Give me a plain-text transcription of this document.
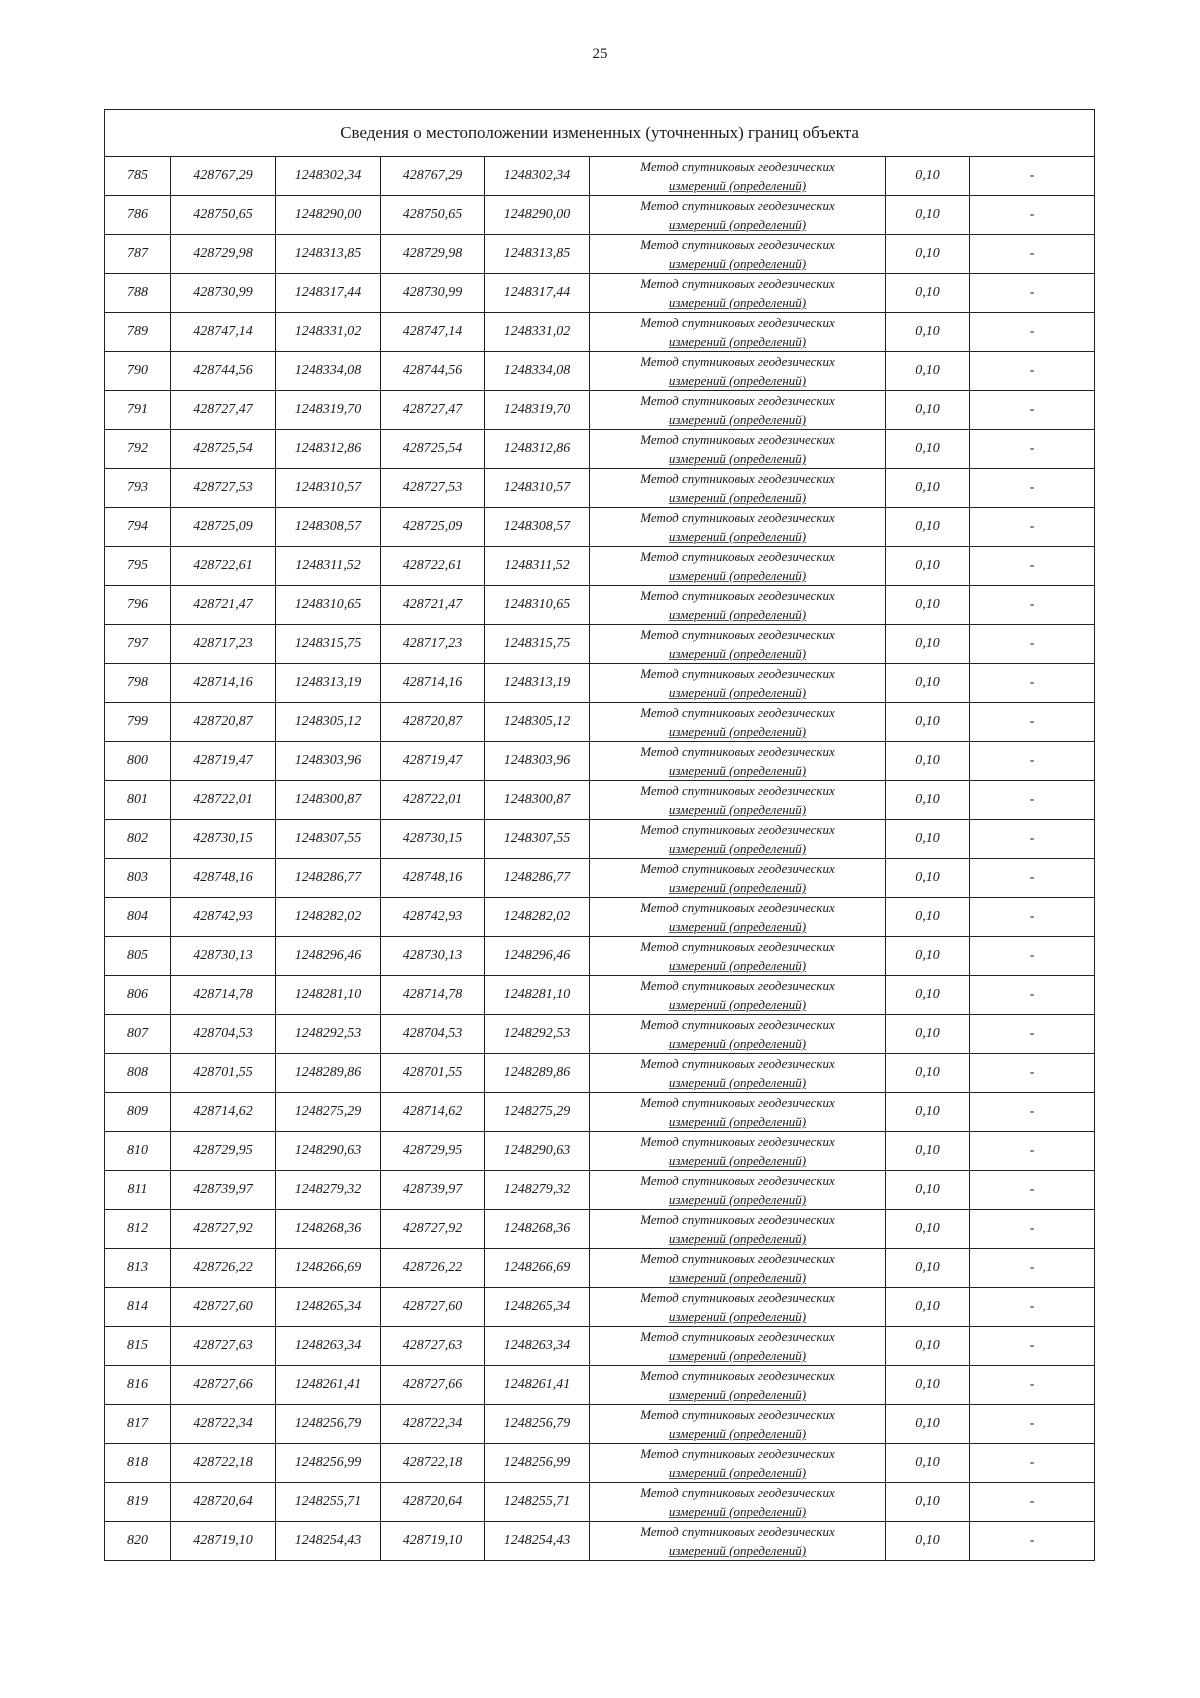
25
Сведения о местоположении измененных (уточненных) границ объекта							
785	428767,29	1248302,34	428767,29	1248302,34	Метод спутниковых геодезических
измерений (определений)	0,10	-
786	428750,65	1248290,00	428750,65	1248290,00	Метод спутниковых геодезических
измерений (определений)	0,10	-
787	428729,98	1248313,85	428729,98	1248313,85	Метод спутниковых геодезических
измерений (определений)	0,10	-
788	428730,99	1248317,44	428730,99	1248317,44	Метод спутниковых геодезических
измерений (определений)	0,10	-
789	428747,14	1248331,02	428747,14	1248331,02	Метод спутниковых геодезических
измерений (определений)	0,10	-
790	428744,56	1248334,08	428744,56	1248334,08	Метод спутниковых геодезических
измерений (определений)	0,10	-
791	428727,47	1248319,70	428727,47	1248319,70	Метод спутниковых геодезических
измерений (определений)	0,10	-
792	428725,54	1248312,86	428725,54	1248312,86	Метод спутниковых геодезических
измерений (определений)	0,10	-
793	428727,53	1248310,57	428727,53	1248310,57	Метод спутниковых геодезических
измерений (определений)	0,10	-
794	428725,09	1248308,57	428725,09	1248308,57	Метод спутниковых геодезических
измерений (определений)	0,10	-
795	428722,61	1248311,52	428722,61	1248311,52	Метод спутниковых геодезических
измерений (определений)	0,10	-
796	428721,47	1248310,65	428721,47	1248310,65	Метод спутниковых геодезических
измерений (определений)	0,10	-
797	428717,23	1248315,75	428717,23	1248315,75	Метод спутниковых геодезических
измерений (определений)	0,10	-
798	428714,16	1248313,19	428714,16	1248313,19	Метод спутниковых геодезических
измерений (определений)	0,10	-
799	428720,87	1248305,12	428720,87	1248305,12	Метод спутниковых геодезических
измерений (определений)	0,10	-
800	428719,47	1248303,96	428719,47	1248303,96	Метод спутниковых геодезических
измерений (определений)	0,10	-
801	428722,01	1248300,87	428722,01	1248300,87	Метод спутниковых геодезических
измерений (определений)	0,10	-
802	428730,15	1248307,55	428730,15	1248307,55	Метод спутниковых геодезических
измерений (определений)	0,10	-
803	428748,16	1248286,77	428748,16	1248286,77	Метод спутниковых геодезических
измерений (определений)	0,10	-
804	428742,93	1248282,02	428742,93	1248282,02	Метод спутниковых геодезических
измерений (определений)	0,10	-
805	428730,13	1248296,46	428730,13	1248296,46	Метод спутниковых геодезических
измерений (определений)	0,10	-
806	428714,78	1248281,10	428714,78	1248281,10	Метод спутниковых геодезических
измерений (определений)	0,10	-
807	428704,53	1248292,53	428704,53	1248292,53	Метод спутниковых геодезических
измерений (определений)	0,10	-
808	428701,55	1248289,86	428701,55	1248289,86	Метод спутниковых геодезических
измерений (определений)	0,10	-
809	428714,62	1248275,29	428714,62	1248275,29	Метод спутниковых геодезических
измерений (определений)	0,10	-
810	428729,95	1248290,63	428729,95	1248290,63	Метод спутниковых геодезических
измерений (определений)	0,10	-
811	428739,97	1248279,32	428739,97	1248279,32	Метод спутниковых геодезических
измерений (определений)	0,10	-
812	428727,92	1248268,36	428727,92	1248268,36	Метод спутниковых геодезических
измерений (определений)	0,10	-
813	428726,22	1248266,69	428726,22	1248266,69	Метод спутниковых геодезических
измерений (определений)	0,10	-
814	428727,60	1248265,34	428727,60	1248265,34	Метод спутниковых геодезических
измерений (определений)	0,10	-
815	428727,63	1248263,34	428727,63	1248263,34	Метод спутниковых геодезических
измерений (определений)	0,10	-
816	428727,66	1248261,41	428727,66	1248261,41	Метод спутниковых геодезических
измерений (определений)	0,10	-
817	428722,34	1248256,79	428722,34	1248256,79	Метод спутниковых геодезических
измерений (определений)	0,10	-
818	428722,18	1248256,99	428722,18	1248256,99	Метод спутниковых геодезических
измерений (определений)	0,10	-
819	428720,64	1248255,71	428720,64	1248255,71	Метод спутниковых геодезических
измерений (определений)	0,10	-
820	428719,10	1248254,43	428719,10	1248254,43	Метод спутниковых геодезических
измерений (определений)	0,10	-
